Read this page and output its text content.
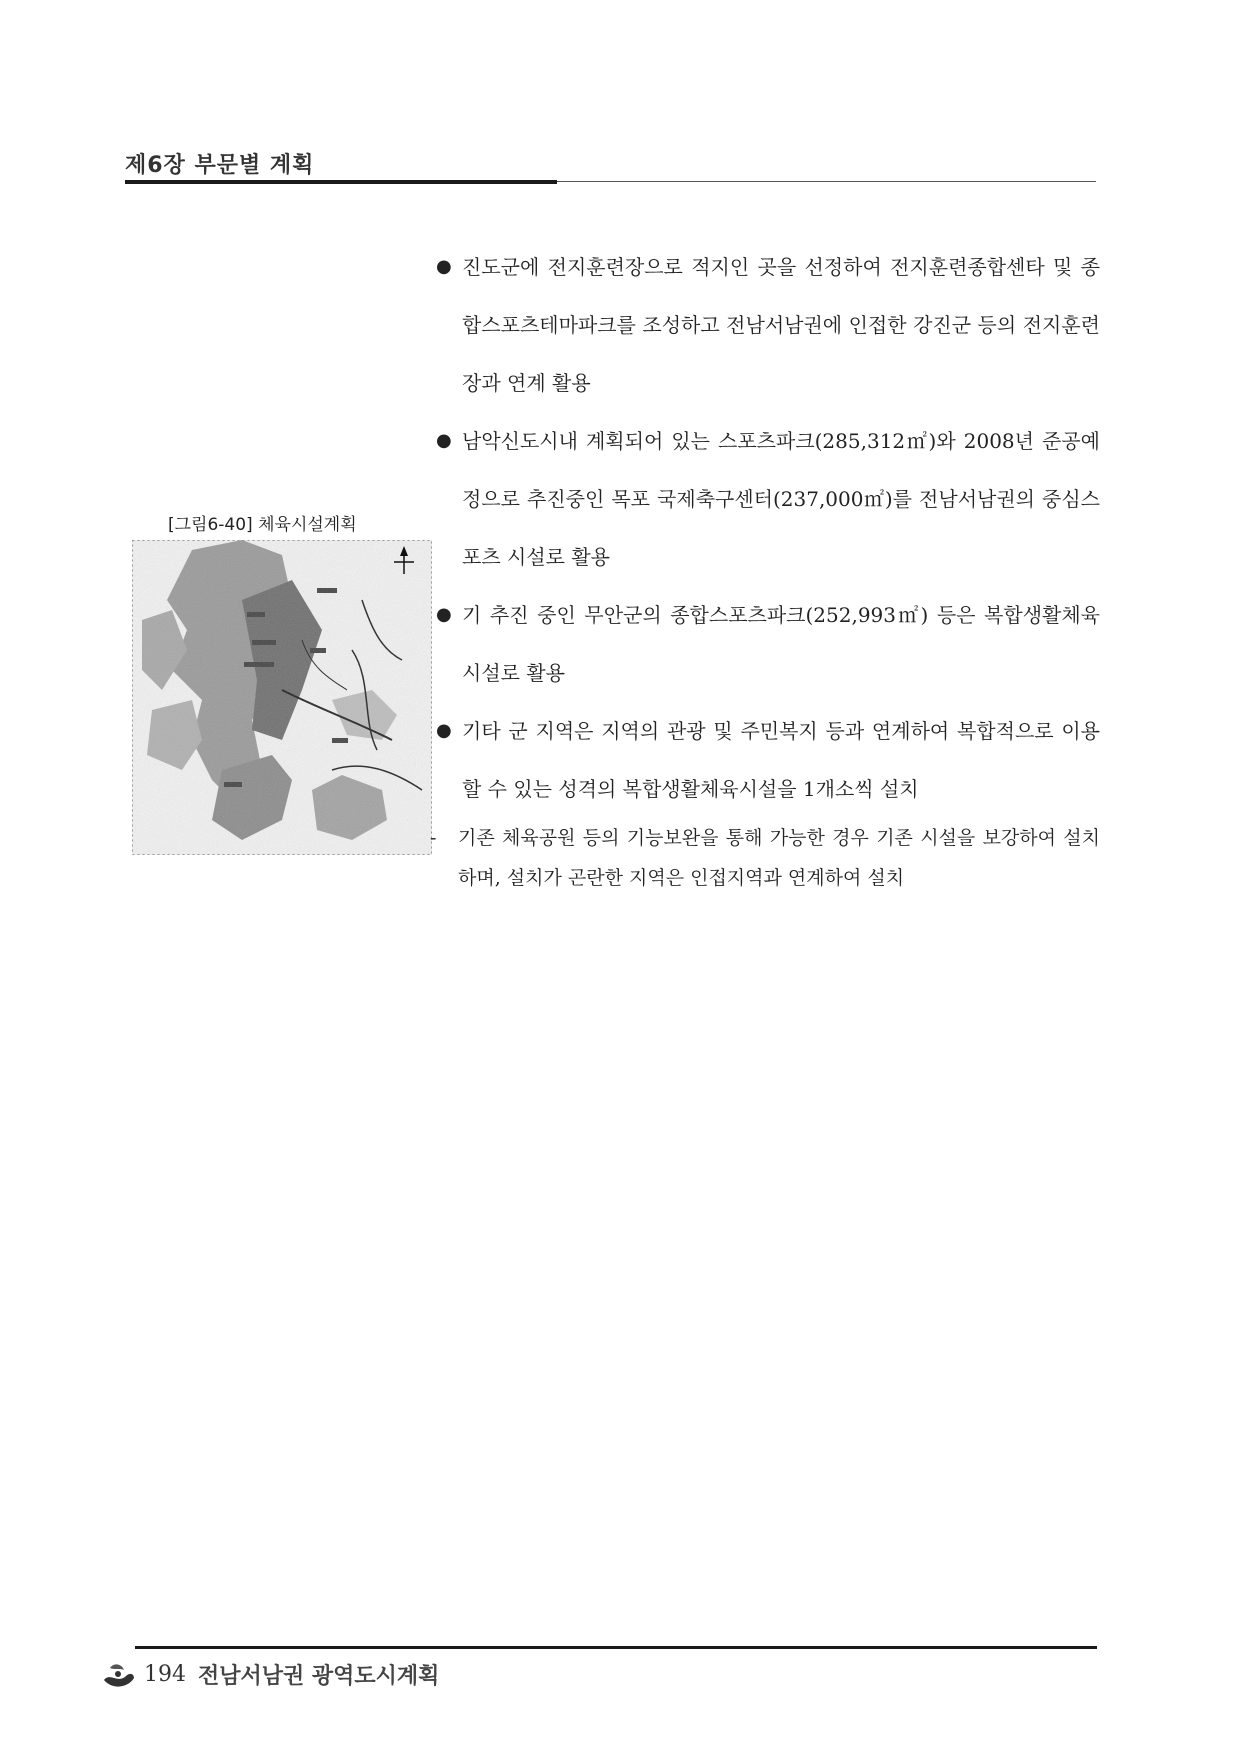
제6장 부문별 계획
[그림6-40] 체육시설계획
● 진도군에 전지훈련장으로 적지인 곳을 선정하여 전지훈련종합센타 및 종합스포츠테마파크를 조성하고 전남서남권에 인접한 강진군 등의 전지훈련장과 연계 활용
● 남악신도시내 계획되어 있는 스포츠파크(285,312㎡)와 2008년 준공예정으로 추진중인 목포 국제축구센터(237,000㎡)를 전남서남권의 중심스포츠 시설로 활용
● 기 추진 중인 무안군의 종합스포츠파크(252,993㎡) 등은 복합생활체육시설로 활용
● 기타 군 지역은 지역의 관광 및 주민복지 등과 연계하여 복합적으로 이용할 수 있는 성격의 복합생활체육시설을 1개소씩 설치
- 기존 체육공원 등의 기능보완을 통해 가능한 경우 기존 시설을 보강하여 설치하며, 설치가 곤란한 지역은 인접지역과 연계하여 설치
194 전남서남권 광역도시계획
